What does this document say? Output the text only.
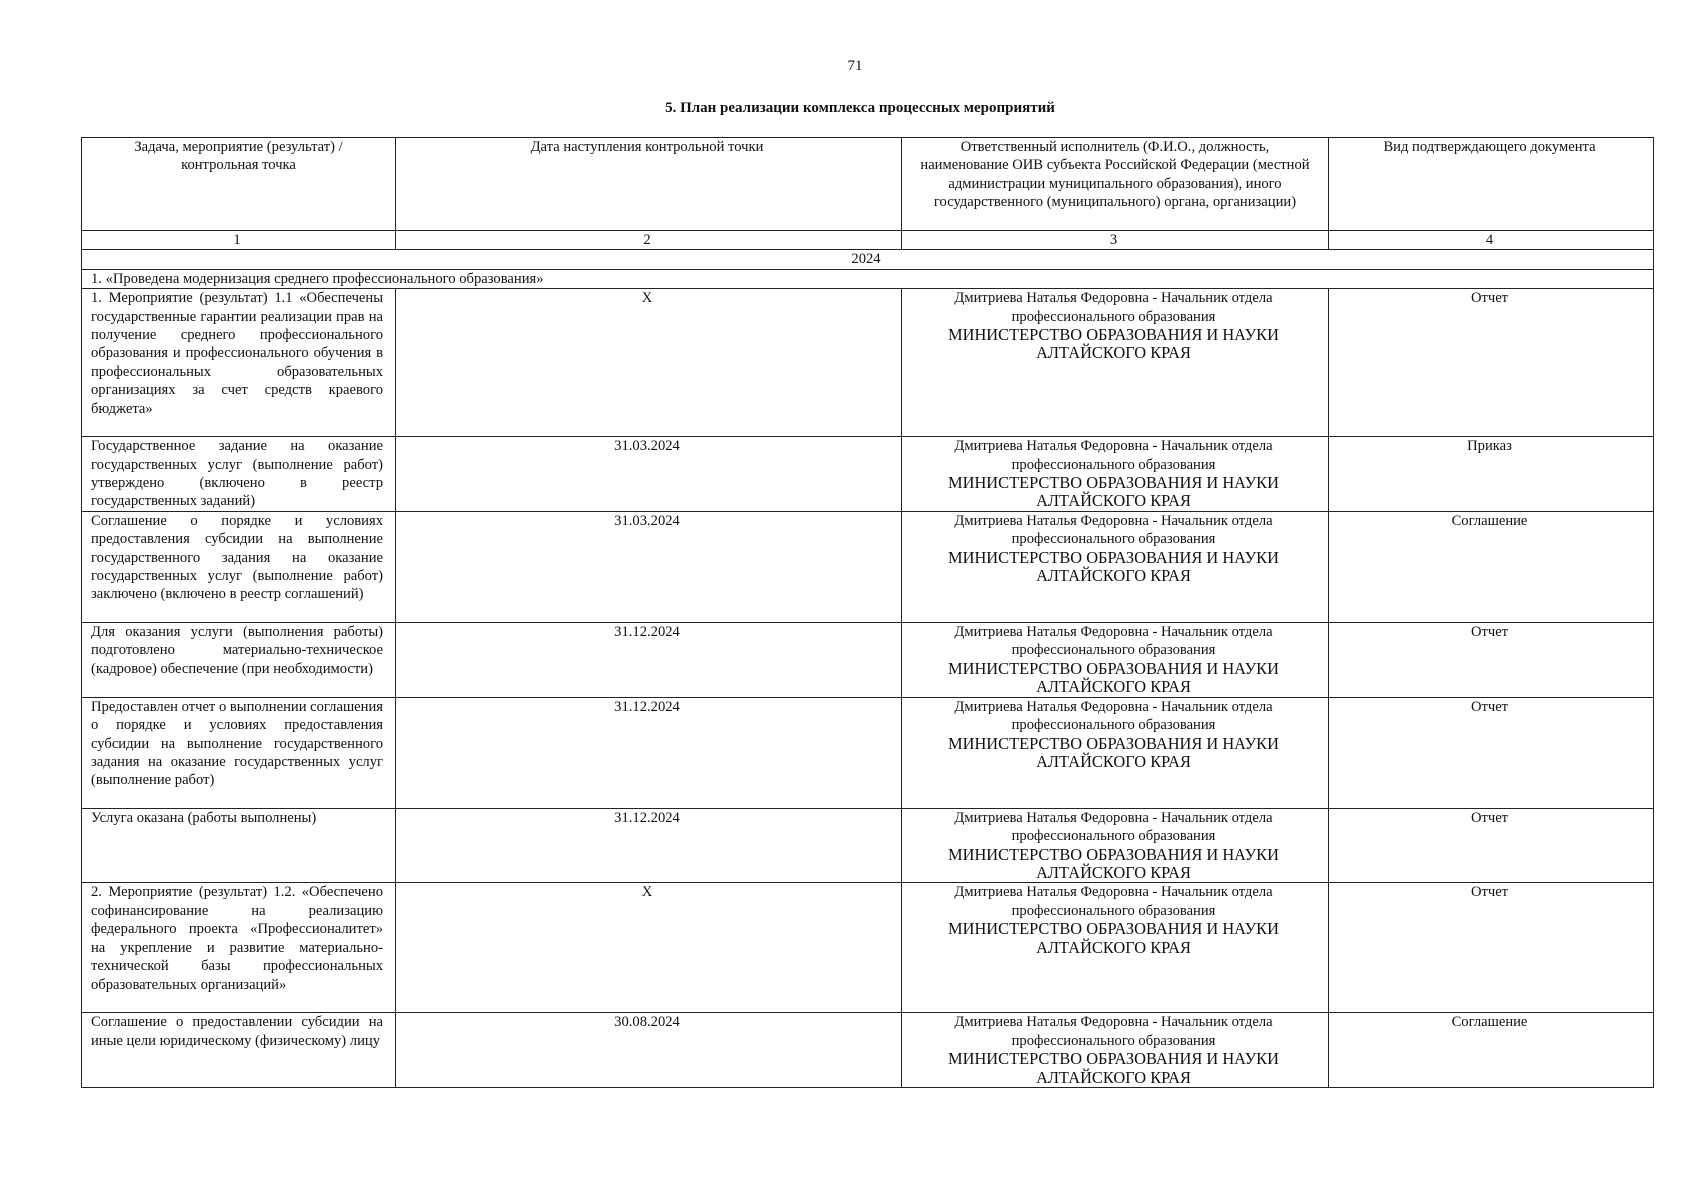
71
5. План реализации комплекса процессных мероприятий
Задача, мероприятие (результат) / контрольная точка	Дата наступления контрольной точки	Ответственный исполнитель (Ф.И.О., должность, наименование ОИВ субъекта Российской Федерации (местной администрации муниципального образования), иного государственного (муниципального) органа, организации)	Вид подтверждающего документа
1	2	3	4
2024			
1. «Проведена модернизация среднего профессионального образования»			
1. Мероприятие (результат) 1.1 «Обеспечены государственные гарантии реализации прав на получение среднего профессионального образования и профессионального обучения в профессиональных образовательных организациях за счет средств краевого бюджета»	X	Дмитриева Наталья Федоровна - Начальник отдела профессионального образования
МИНИСТЕРСТВО ОБРАЗОВАНИЯ И НАУКИ АЛТАЙСКОГО КРАЯ	Отчет
Государственное задание на оказание государственных услуг (выполнение работ) утверждено (включено в реестр государственных заданий)	31.03.2024	Дмитриева Наталья Федоровна - Начальник отдела профессионального образования
МИНИСТЕРСТВО ОБРАЗОВАНИЯ И НАУКИ АЛТАЙСКОГО КРАЯ	Приказ
Соглашение о порядке и условиях предоставления субсидии на выполнение государственного задания на оказание государственных услуг (выполнение работ) заключено (включено в реестр соглашений)	31.03.2024	Дмитриева Наталья Федоровна - Начальник отдела профессионального образования
МИНИСТЕРСТВО ОБРАЗОВАНИЯ И НАУКИ АЛТАЙСКОГО КРАЯ	Соглашение
Для оказания услуги (выполнения работы) подготовлено материально-техническое (кадровое) обеспечение (при необходимости)	31.12.2024	Дмитриева Наталья Федоровна - Начальник отдела профессионального образования
МИНИСТЕРСТВО ОБРАЗОВАНИЯ И НАУКИ АЛТАЙСКОГО КРАЯ	Отчет
Предоставлен отчет о выполнении соглашения о порядке и условиях предоставления субсидии на выполнение государственного задания на оказание государственных услуг (выполнение работ)	31.12.2024	Дмитриева Наталья Федоровна - Начальник отдела профессионального образования
МИНИСТЕРСТВО ОБРАЗОВАНИЯ И НАУКИ АЛТАЙСКОГО КРАЯ	Отчет
Услуга оказана (работы выполнены)	31.12.2024	Дмитриева Наталья Федоровна - Начальник отдела профессионального образования
МИНИСТЕРСТВО ОБРАЗОВАНИЯ И НАУКИ АЛТАЙСКОГО КРАЯ	Отчет
2. Мероприятие (результат) 1.2. «Обеспечено софинансирование на реализацию федерального проекта «Профессионалитет» на укрепление и развитие материально-технической базы профессиональных образовательных организаций»	X	Дмитриева Наталья Федоровна - Начальник отдела профессионального образования
МИНИСТЕРСТВО ОБРАЗОВАНИЯ И НАУКИ АЛТАЙСКОГО КРАЯ	Отчет
Соглашение о предоставлении субсидии на иные цели юридическому (физическому) лицу	30.08.2024	Дмитриева Наталья Федоровна - Начальник отдела профессионального образования
МИНИСТЕРСТВО ОБРАЗОВАНИЯ И НАУКИ АЛТАЙСКОГО КРАЯ	Соглашение
